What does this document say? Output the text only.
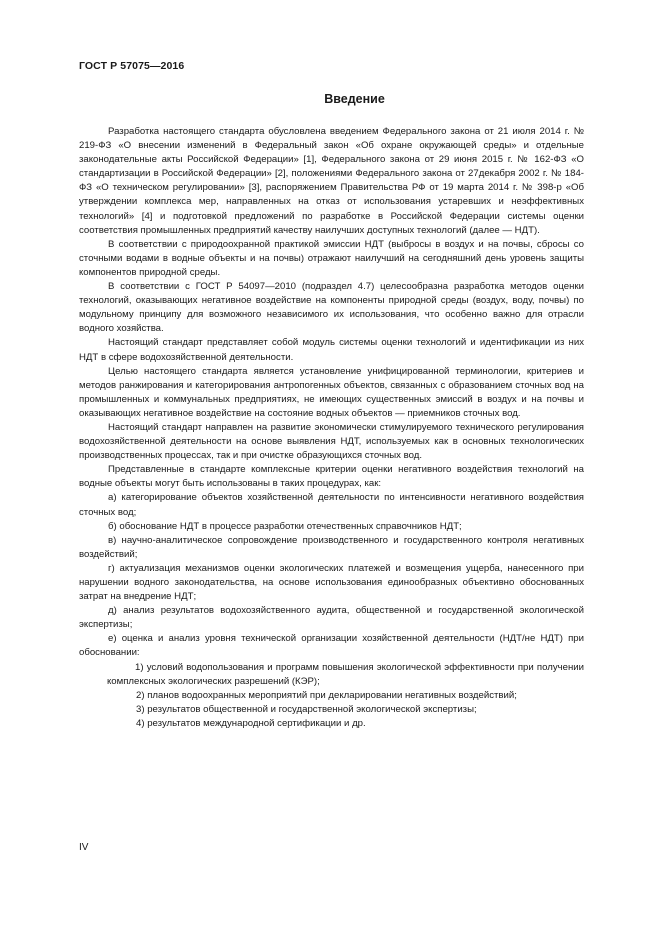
ГОСТ Р 57075—2016
Введение

Разработка настоящего стандарта обусловлена введением Федерального закона от 21 июля 2014 г. № 219-ФЗ «О внесении изменений в Федеральный закон «Об охране окружающей среды» и отдельные законодательные акты Российской Федерации» [1], Федерального закона от 29 июня 2015 г. № 162-ФЗ «О стандартизации в Российской Федерации» [2], положениями Федерального закона от 27декабря 2002 г. № 184-ФЗ «О техническом регулировании» [3], распоряжением Правительства РФ от 19 марта 2014 г. № 398-р «Об утверждении комплекса мер, направленных на отказ от использования устаревших и неэффективных технологий» [4] и подготовкой предложений по разработке в Российской Федерации системы оценки соответствия промышленных предприятий качеству наилучших доступных технологий (далее — НДТ).

В соответствии с природоохранной практикой эмиссии НДТ (выбросы в воздух и на почвы, сбросы со сточными водами в водные объекты и на почвы) отражают наилучший на сегодняшний день уровень защиты компонентов природной среды.

В соответствии с ГОСТ Р 54097—2010 (подраздел 4.7) целесообразна разработка методов оценки технологий, оказывающих негативное воздействие на компоненты природной среды (воздух, воду, почвы) по модульному принципу для возможного независимого их использования, что особенно важно для отрасли водного хозяйства.

Настоящий стандарт представляет собой модуль системы оценки технологий и идентификации из них НДТ в сфере водохозяйственной деятельности.

Целью настоящего стандарта является установление унифицированной терминологии, критериев и методов ранжирования и категорирования антропогенных объектов, связанных с образованием сточных вод на промышленных и коммунальных предприятиях, не имеющих существенных эмиссий в воздух и на почвы и оказывающих негативное воздействие на состояние водных объектов — приемников сточных вод.

Настоящий стандарт направлен на развитие экономически стимулируемого технического регулирования водохозяйственной деятельности на основе выявления НДТ, используемых как в основных технологических производственных процессах, так и при очистке образующихся сточных вод.

Представленные в стандарте комплексные критерии оценки негативного воздействия технологий на водные объекты могут быть использованы в таких процедурах, как:

а) категорирование объектов хозяйственной деятельности по интенсивности негативного воздействия сточных вод;

б) обоснование НДТ в процессе разработки отечественных справочников НДТ;

в) научно-аналитическое сопровождение производственного и государственного контроля негативных воздействий;

г) актуализация механизмов оценки экологических платежей и возмещения ущерба, нанесенного при нарушении водного законодательства, на основе использования единообразных объективно обоснованных затрат на внедрение НДТ;

д) анализ результатов водохозяйственного аудита, общественной и государственной экологической экспертизы;

е) оценка и анализ уровня технической организации хозяйственной деятельности (НДТ/не НДТ) при обосновании:

1) условий водопользования и программ повышения экологической эффективности при получении комплексных экологических разрешений (КЭР);

2) планов водоохранных мероприятий при декларировании негативных воздействий;

3) результатов общественной и государственной экологической экспертизы;

4) результатов международной сертификации и др.

IV
